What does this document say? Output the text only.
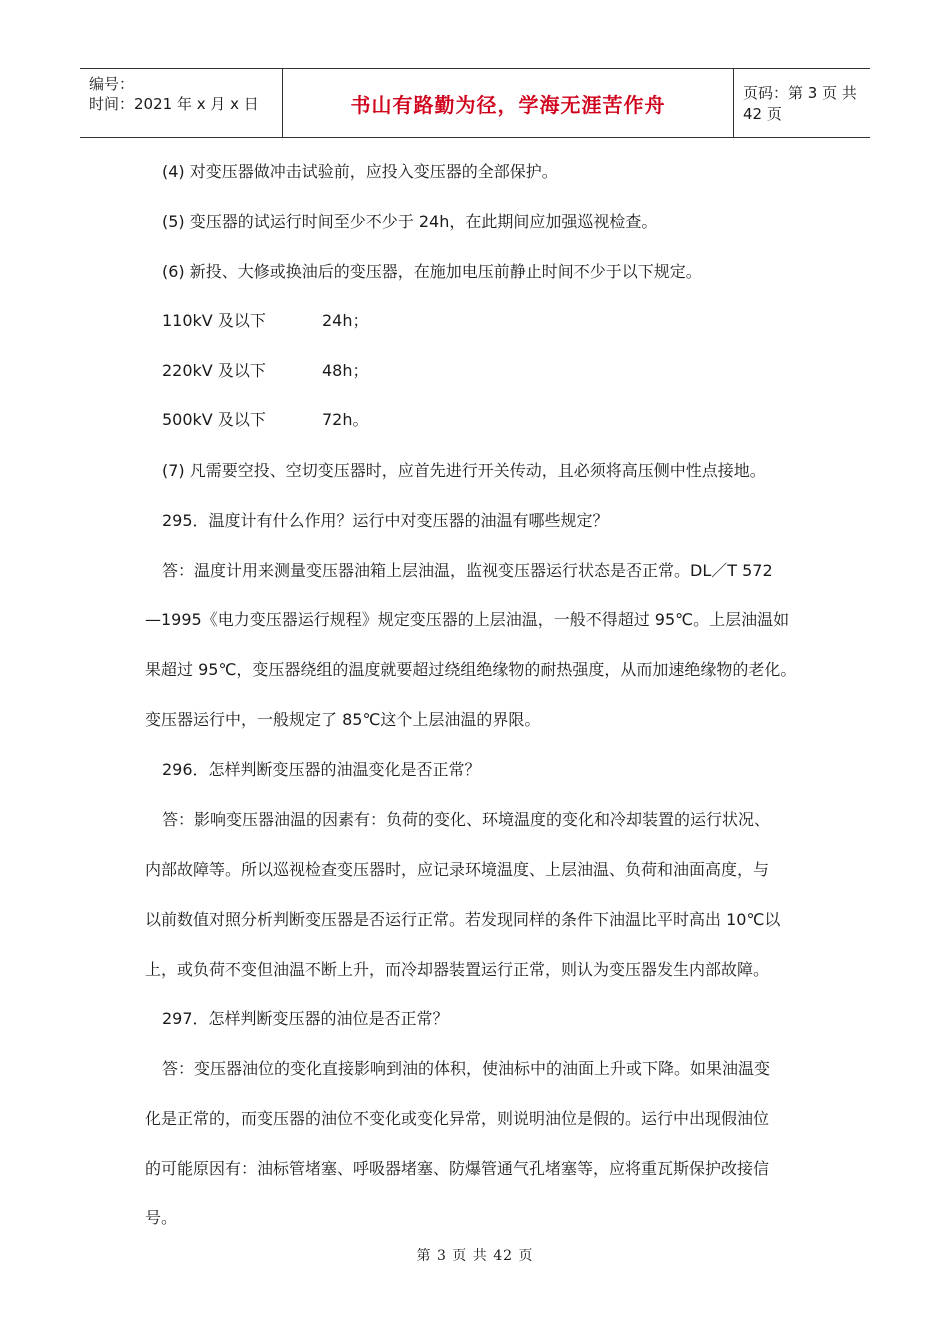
编号：
时间：2021 年 x 月 x 日	书山有路勤为径，学海无涯苦作舟	页码：第 3 页 共 42 页
(4) 对变压器做冲击试验前，应投入变压器的全部保护。
(5) 变压器的试运行时间至少不少于 24h，在此期间应加强巡视检查。
(6) 新投、大修或换油后的变压器，在施加电压前静止时间不少于以下规定。
110kV 及以下	24h；
220kV 及以下	48h；
500kV 及以下	72h。
(7) 凡需要空投、空切变压器时，应首先进行开关传动，且必须将高压侧中性点接地。
295．温度计有什么作用？运行中对变压器的油温有哪些规定？
答：温度计用来测量变压器油箱上层油温，监视变压器运行状态是否正常。DL／T 572
—1995《电力变压器运行规程》规定变压器的上层油温，一般不得超过 95℃。上层油温如
果超过 95℃，变压器绕组的温度就要超过绕组绝缘物的耐热强度，从而加速绝缘物的老化。
变压器运行中，一般规定了 85℃这个上层油温的界限。
296．怎样判断变压器的油温变化是否正常？
答：影响变压器油温的因素有：负荷的变化、环境温度的变化和冷却装置的运行状况、
内部故障等。所以巡视检查变压器时，应记录环境温度、上层油温、负荷和油面高度，与
以前数值对照分析判断变压器是否运行正常。若发现同样的条件下油温比平时高出 10℃以
上，或负荷不变但油温不断上升，而冷却器装置运行正常，则认为变压器发生内部故障。
297．怎样判断变压器的油位是否正常？
答：变压器油位的变化直接影响到油的体积，使油标中的油面上升或下降。如果油温变
化是正常的，而变压器的油位不变化或变化异常，则说明油位是假的。运行中出现假油位
的可能原因有：油标管堵塞、呼吸器堵塞、防爆管通气孔堵塞等，应将重瓦斯保护改接信
号。
第 3 页 共 42 页
